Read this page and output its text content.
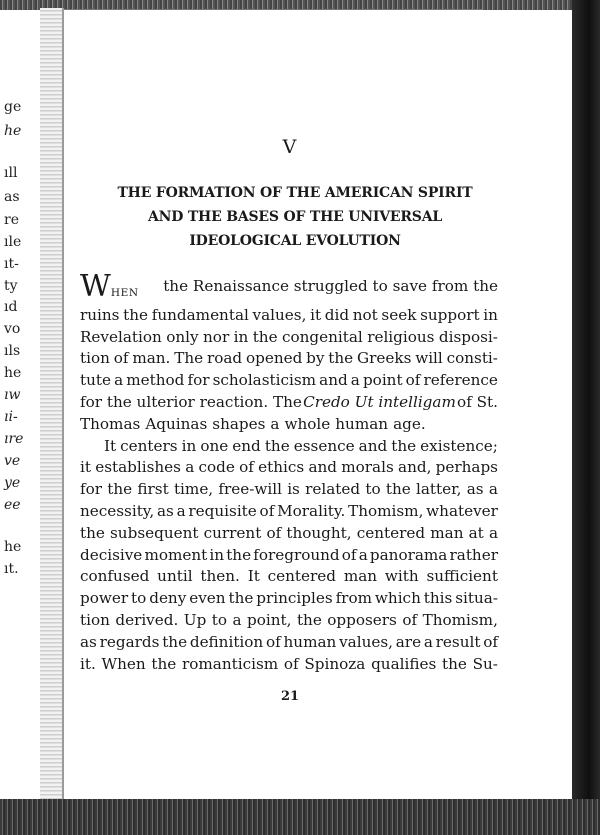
ge
he
ıll
as
re
ıle
ıt-
ty
ıd
vo
ıls
he
ıw
ıi-
ıre
ve
ye
ee
he
ıt.
V
THE FORMATION OF THE AMERICAN SPIRIT
AND THE BASES OF THE UNIVERSAL
IDEOLOGICAL EVOLUTION
WHEN the Renaissance struggled to save from the
ruins the fundamental values, it did not seek support in
Revelation only nor in the congenital religious disposi-
tion of man. The road opened by the Greeks will consti-
tute a method for scholasticism and a point of reference
for the ulterior reaction. The Credo Ut intelligam of St.
Thomas Aquinas shapes a whole human age.
It centers in one end the essence and the existence;
it establishes a code of ethics and morals and, perhaps
for the first time, free-will is related to the latter, as a
necessity, as a requisite of Morality. Thomism, whatever
the subsequent current of thought, centered man at a
decisive moment in the foreground of a panorama rather
confused until then. It centered man with sufficient
power to deny even the principles from which this situa-
tion derived. Up to a point, the opposers of Thomism,
as regards the definition of human values, are a result of
it. When the romanticism of Spinoza qualifies the Su-
21
